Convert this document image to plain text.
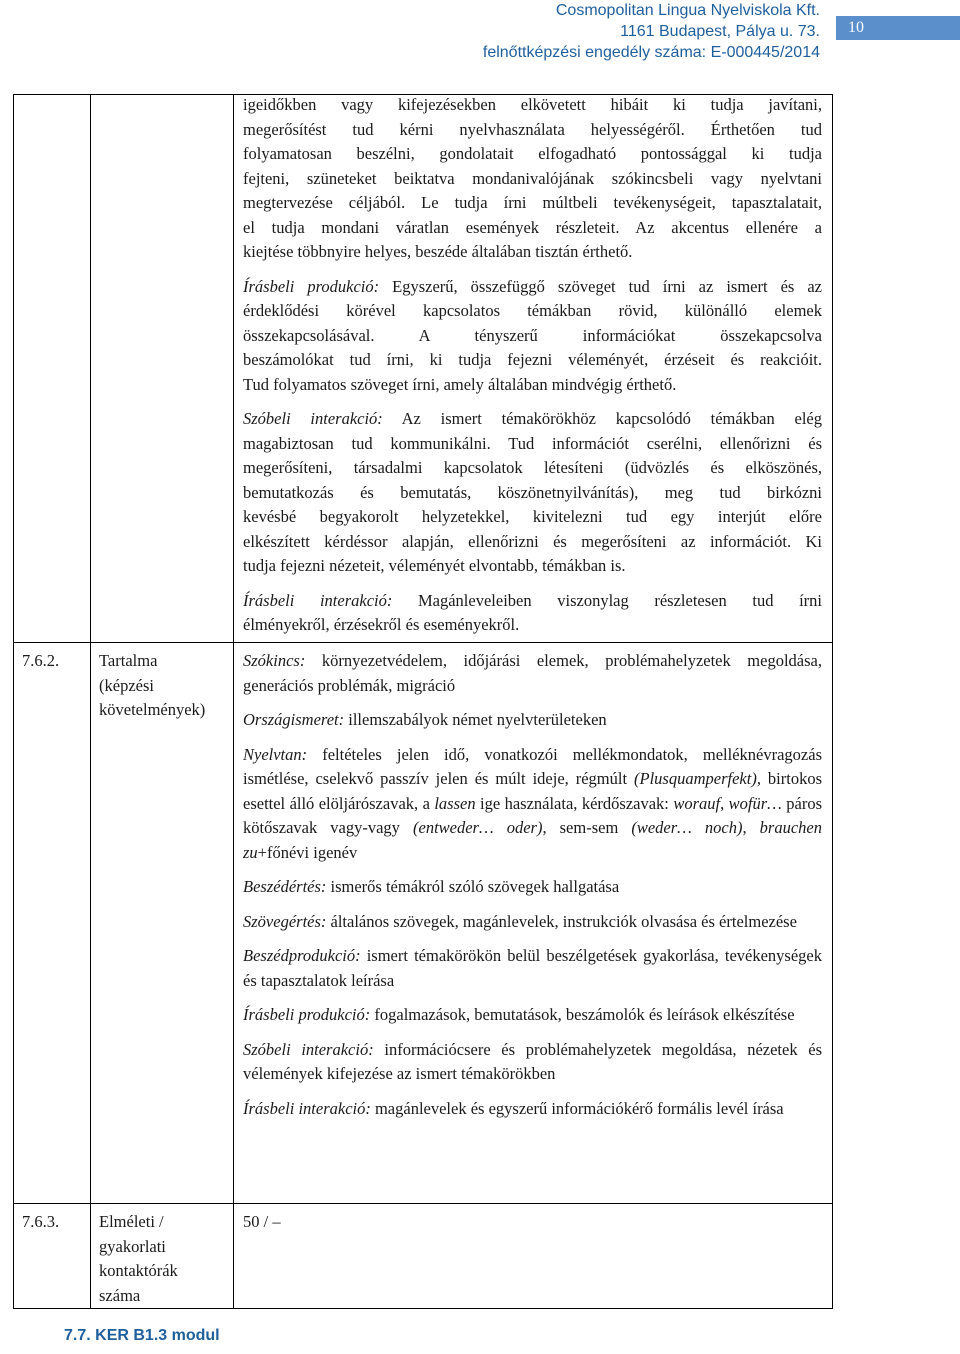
Cosmopolitan Lingua Nyelviskola Kft.
1161 Budapest, Pálya u. 73.
felnőttképzési engedély száma: E-000445/2014
10
igeidőkben vagy kifejezésekben elkövetett hibáit ki tudja javítani,
megerősítést tud kérni nyelvhasználata helyességéről. Érthetően tud
folyamatosan beszélni, gondolatait elfogadható pontossággal ki tudja
fejteni, szüneteket beiktatva mondanivalójának szókincsbeli vagy nyelvtani
megtervezése céljából. Le tudja írni múltbeli tevékenységeit, tapasztalatait,
el tudja mondani váratlan események részleteit. Az akcentus ellenére a
kiejtése többnyire helyes, beszéde általában tisztán érthető.
Írásbeli produkció: Egyszerű, összefüggő szöveget tud írni az ismert és az
érdeklődési körével kapcsolatos témákban rövid, különálló elemek
összekapcsolásával. A tényszerű információkat összekapcsolva
beszámolókat tud írni, ki tudja fejezni véleményét, érzéseit és reakcióit.
Tud folyamatos szöveget írni, amely általában mindvégig érthető.
Szóbeli interakció: Az ismert témakörökhöz kapcsolódó témákban elég
magabiztosan tud kommunikálni. Tud információt cserélni, ellenőrizni és
megerősíteni, társadalmi kapcsolatok létesíteni (üdvözlés és elköszönés,
bemutatkozás és bemutatás, köszönetnyilvánítás), meg tud birkózni
kevésbé begyakorolt helyzetekkel, kivitelezni tud egy interjút előre
elkészített kérdéssor alapján, ellenőrizni és megerősíteni az információt. Ki
tudja fejezni nézeteit, véleményét elvontabb, témákban is.
Írásbeli interakció: Magánleveleiben viszonylag részletesen tud írni
élményekről, érzésekről és eseményekről.
7.6.2. Tartalma
(képzési
követelmények)

Szókincs: környezetvédelem, időjárási elemek, problémahelyzetek megoldása, generációs problémák, migráció

Országismeret: illemszabályok német nyelvterületeken

Nyelvtan: feltételes jelen idő, vonatkozói mellékmondatok, melléknévragozás ismétlése, cselekvő passzív jelen és múlt ideje, régmúlt (Plusquamperfekt), birtokos esettel álló elöljárószavak, a lassen ige használata, kérdőszavak: worauf, wofür… páros kötőszavak vagy-vagy (entweder… oder), sem-sem (weder… noch), brauchen zu+főnévi igenév

Beszédértés: ismerős témákról szóló szövegek hallgatása

Szövegértés: általános szövegek, magánlevelek, instrukciók olvasása és értelmezése

Beszédprodukció: ismert témakörökön belül beszélgetések gyakorlása, tevékenységek és tapasztalatok leírása

Írásbeli produkció: fogalmazások, bemutatások, beszámolók és leírások elkészítése

Szóbeli interakció: információcsere és problémahelyzetek megoldása, nézetek és vélemények kifejezése az ismert témakörökben

Írásbeli interakció: magánlevelek és egyszerű információkérő formális levél írása

7.6.3. Elméleti /
gyakorlati
kontaktórák
száma
50 / –
7.7. KER B1.3 modul
